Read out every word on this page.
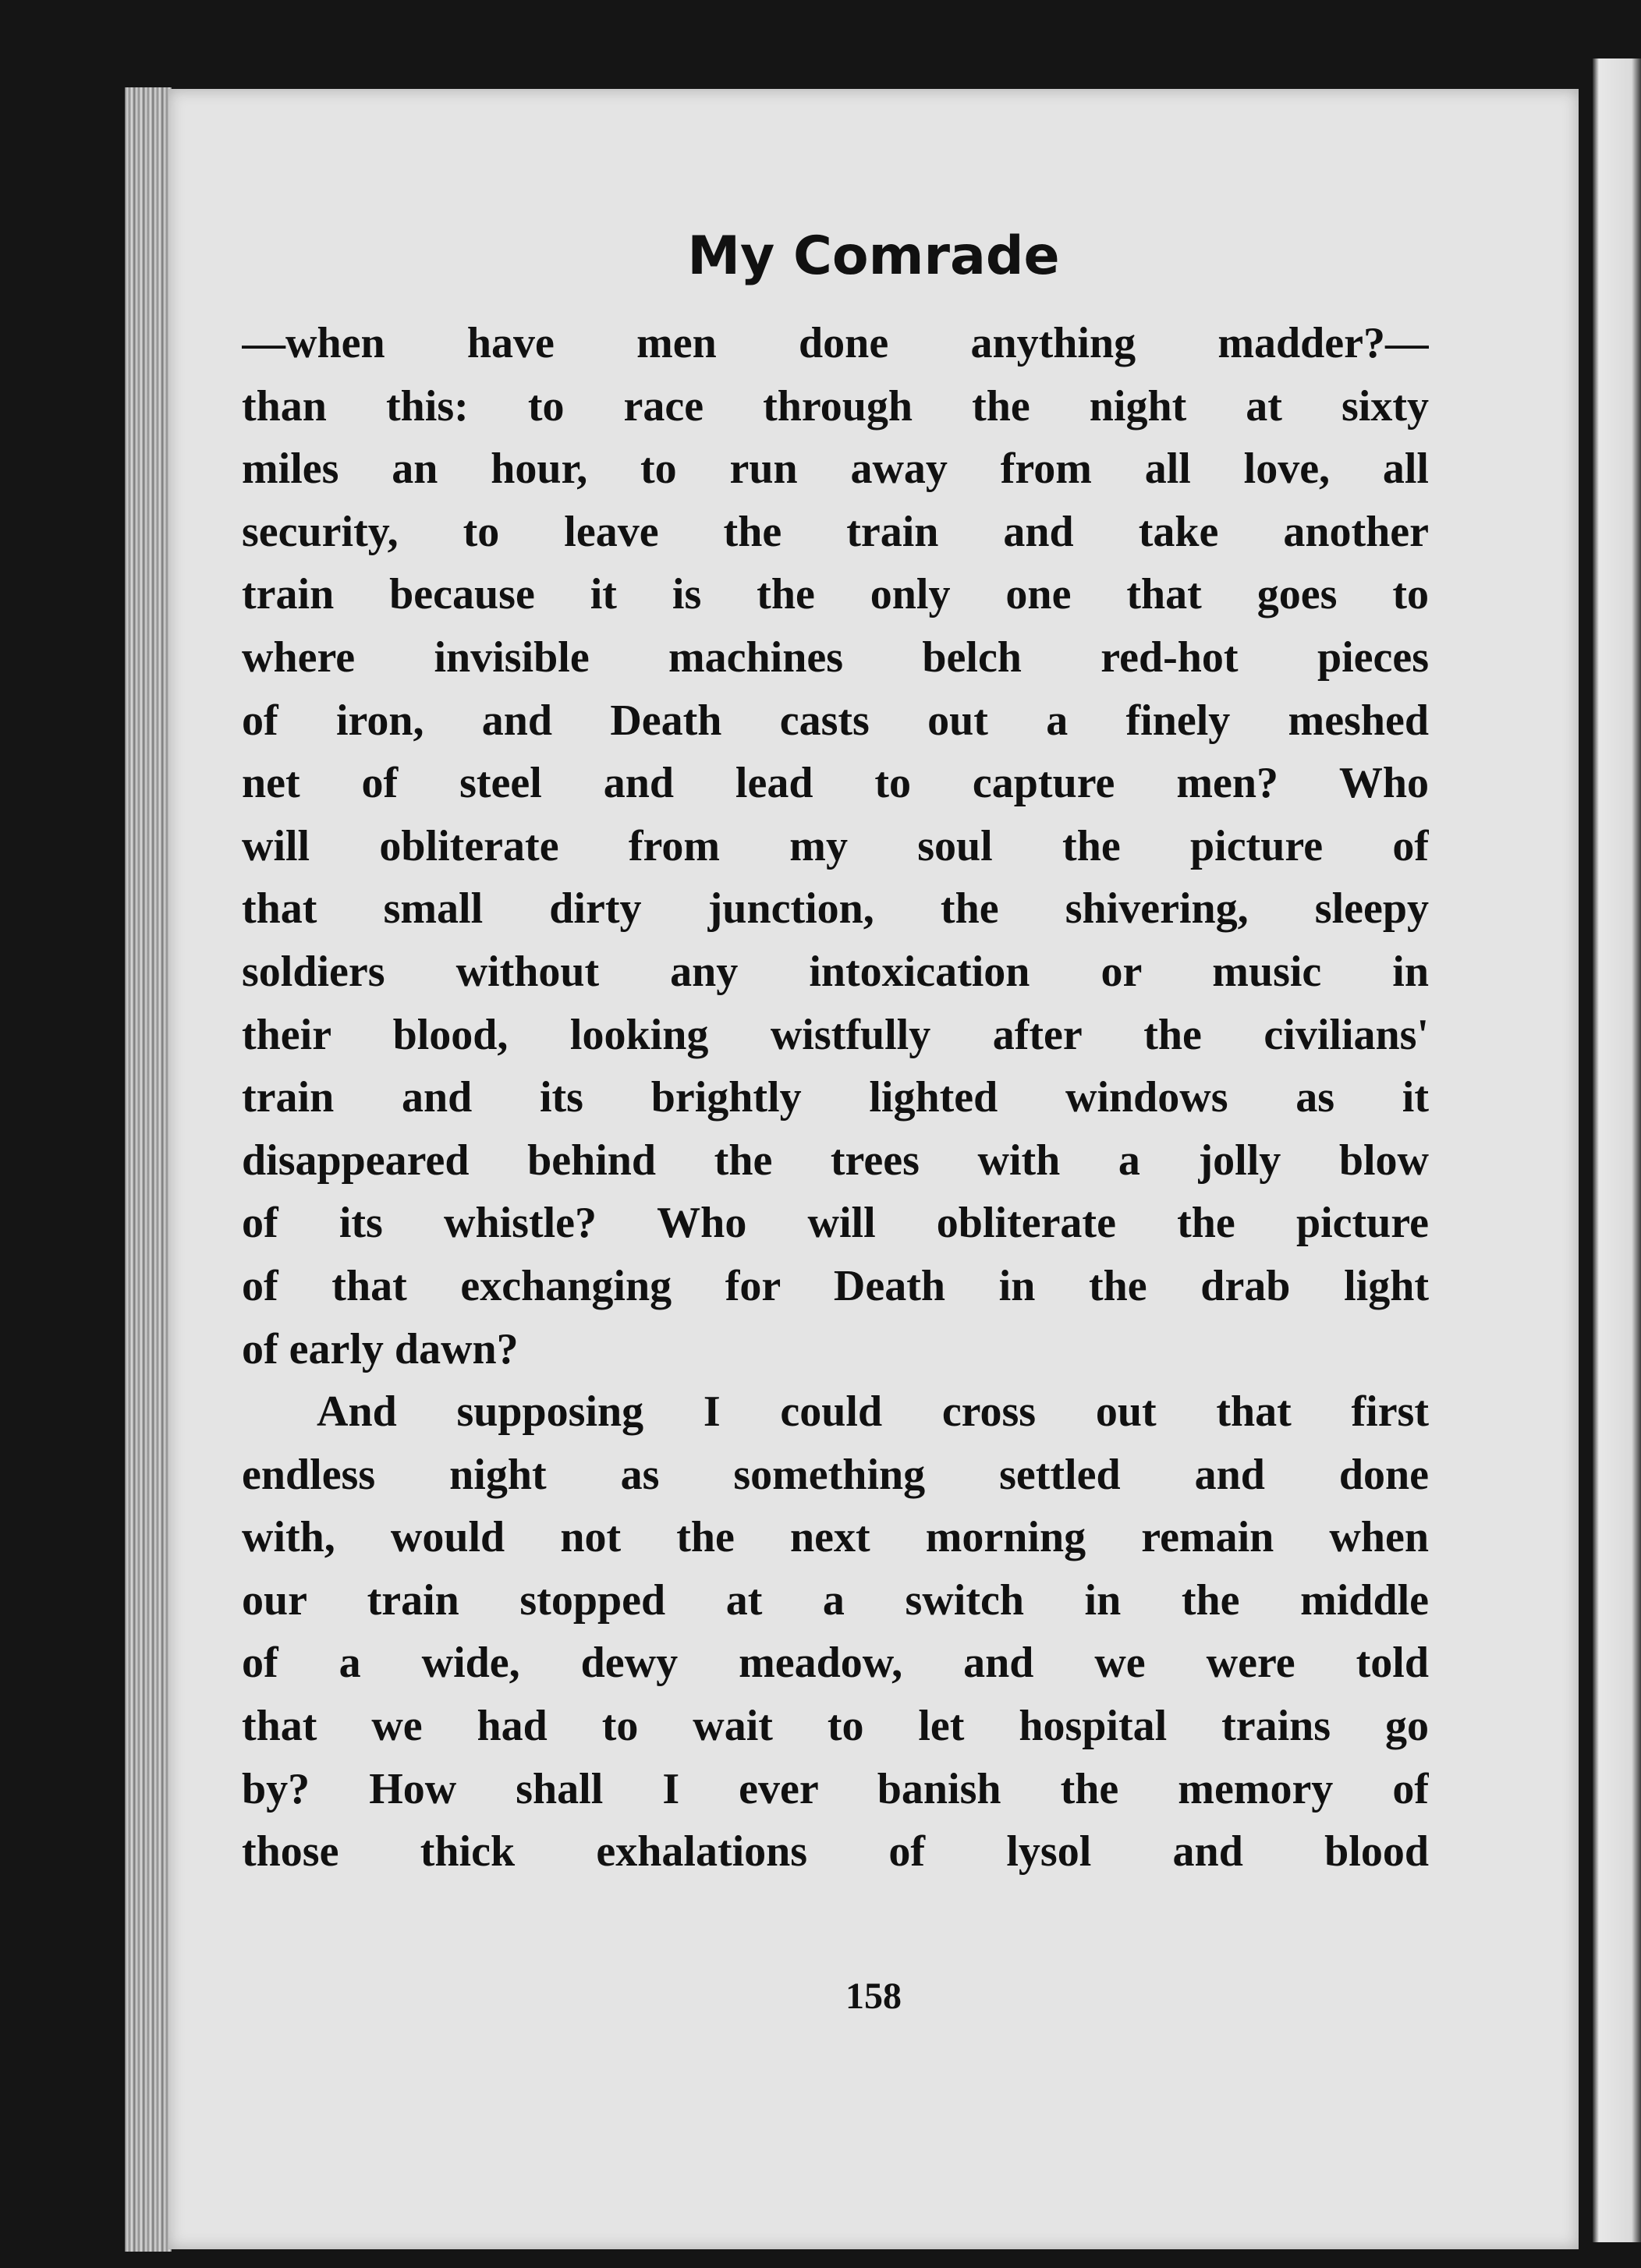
My Comrade
158
—when have men done anything madder?—
than this: to race through the night at sixty
miles an hour, to run away from all love, all
security, to leave the train and take another
train because it is the only one that goes to
where invisible machines belch red-hot pieces
of iron, and Death casts out a finely meshed
net of steel and lead to capture men? Who
will obliterate from my soul the picture of
that small dirty junction, the shivering, sleepy
soldiers without any intoxication or music in
their blood, looking wistfully after the civilians'
train and its brightly lighted windows as it
disappeared behind the trees with a jolly blow
of its whistle? Who will obliterate the picture
of that exchanging for Death in the drab light
of early dawn?
And supposing I could cross out that first
endless night as something settled and done
with, would not the next morning remain when
our train stopped at a switch in the middle
of a wide, dewy meadow, and we were told
that we had to wait to let hospital trains go
by? How shall I ever banish the memory of
those thick exhalations of lysol and blood
